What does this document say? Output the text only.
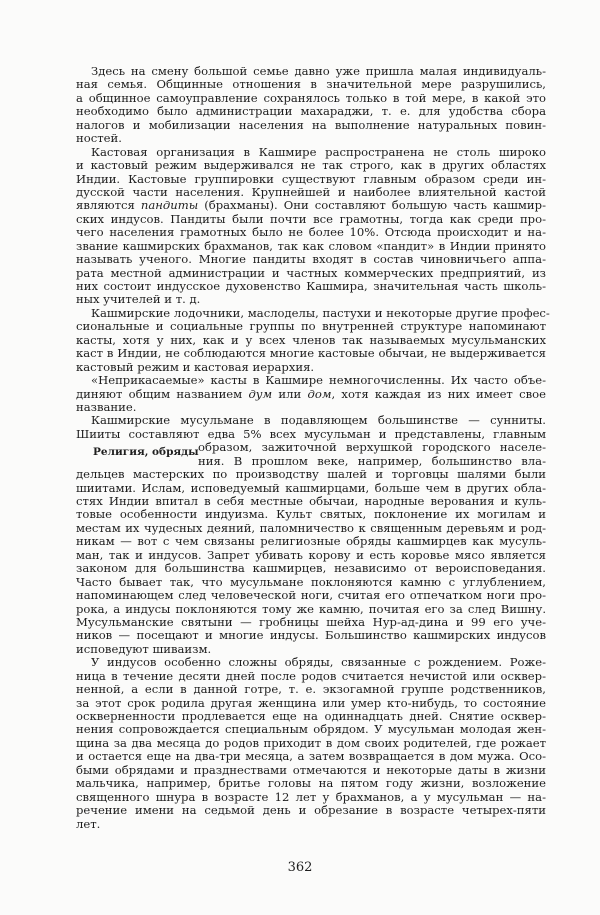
Здесь на смену большой семье давно уже пришла малая индивидуаль-
ная семья. Общинные отношения в значительной мере разрушились,
а общинное самоуправление сохранялось только в той мере, в какой это
необходимо было администрации махараджи, т. е. для удобства сбора
налогов и мобилизации населения на выполнение натуральных повин-
ностей.
Кастовая организация в Кашмире распространена не столь широко
и кастовый режим выдерживался не так строго, как в других областях
Индии. Кастовые группировки существуют главным образом среди ин-
дусской части населения. Крупнейшей и наиболее влиятельной кастой
являются пандиты (брахманы). Они составляют большую часть кашмир-
ских индусов. Пандиты были почти все грамотны, тогда как среди про-
чего населения грамотных было не более 10%. Отсюда происходит и на-
звание кашмирских брахманов, так как словом «пандит» в Индии принято
называть ученого. Многие пандиты входят в состав чиновничьего аппа-
рата местной администрации и частных коммерческих предприятий, из
них состоит индусское духовенство Кашмира, значительная часть школь-
ных учителей и т. д.
Кашмирские лодочники, маслоделы, пастухи и некоторые другие профес-
сиональные и социальные группы по внутренней структуре напоминают
касты, хотя у них, как и у всех членов так называемых мусульманских
каст в Индии, не соблюдаются многие кастовые обычаи, не выдерживается
кастовый режим и кастовая иерархия.
«Неприкасаемые» касты в Кашмире немногочисленны. Их часто объе-
диняют общим названием дум или дом, хотя каждая из них имеет свое
название.
Кашмирские мусульмане в подавляющем большинстве — сунниты.
Шииты составляют едва 5% всех мусульман и представлены, главным
образом, зажиточной верхушкой городского населе-
ния. В прошлом веке, например, большинство вла-
дельцев мастерских по производству шалей и торговцы шалями были
шиитами. Ислам, исповедуемый кашмирцами, больше чем в других обла-
стях Индии впитал в себя местные обычаи, народные верования и куль-
товые особенности индуизма. Культ святых, поклонение их могилам и
местам их чудесных деяний, паломничество к священным деревьям и род-
никам — вот с чем связаны религиозные обряды кашмирцев как мусуль-
ман, так и индусов. Запрет убивать корову и есть коровье мясо является
законом для большинства кашмирцев, независимо от вероисповедания.
Часто бывает так, что мусульмане поклоняются камню с углублением,
напоминающем след человеческой ноги, считая его отпечатком ноги про-
рока, а индусы поклоняются тому же камню, почитая его за след Вишну.
Мусульманские святыни — гробницы шейха Нур-ад-дина и 99 его уче-
ников — посещают и многие индусы. Большинство кашмирских индусов
исповедуют шиваизм.
У индусов особенно сложны обряды, связанные с рождением. Роже-
ница в течение десяти дней после родов считается нечистой или осквер-
ненной, а если в данной готре, т. е. экзогамной группе родственников,
за этот срок родила другая женщина или умер кто-нибудь, то состояние
оскверненности продлевается еще на одиннадцать дней. Снятие осквер-
нения сопровождается специальным обрядом. У мусульман молодая жен-
щина за два месяца до родов приходит в дом своих родителей, где рожает
и остается еще на два-три месяца, а затем возвращается в дом мужа. Осо-
быми обрядами и празднествами отмечаются и некоторые даты в жизни
мальчика, например, бритье головы на пятом году жизни, возложение
священного шнура в возрасте 12 лет у брахманов, а у мусульман — на-
речение имени на седьмой день и обрезание в возрасте четырех-пяти
лет.
Религия, обряды
362
